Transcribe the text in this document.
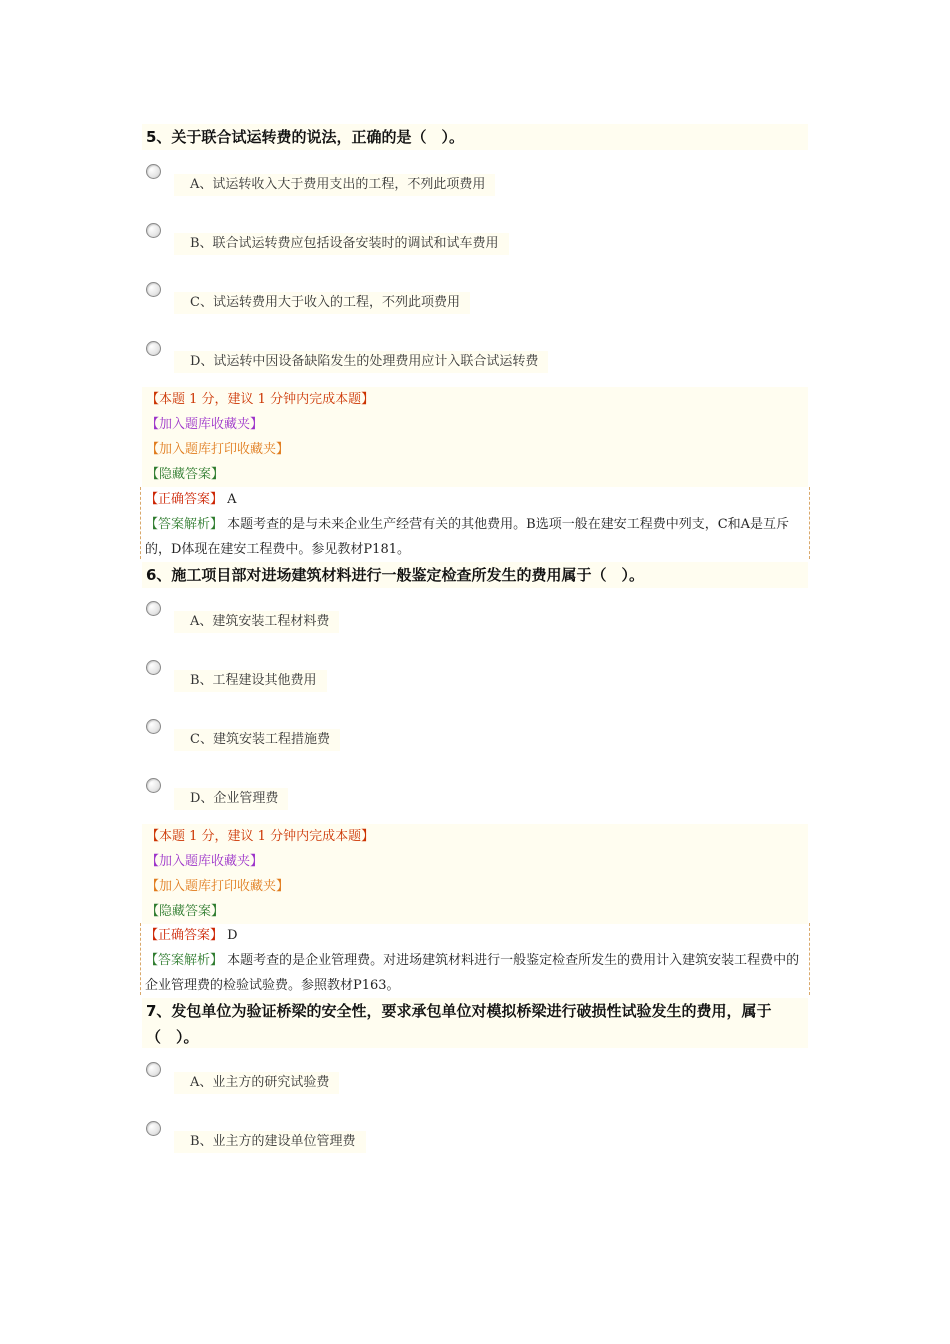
5、关于联合试运转费的说法，正确的是（　）。
A、试运转收入大于费用支出的工程，不列此项费用
B、联合试运转费应包括设备安装时的调试和试车费用
C、试运转费用大于收入的工程，不列此项费用
D、试运转中因设备缺陷发生的处理费用应计入联合试运转费
【本题 1 分，建议 1 分钟内完成本题】
【加入题库收藏夹】
【加入题库打印收藏夹】
【隐藏答案】
【正确答案】 A
【答案解析】 本题考查的是与未来企业生产经营有关的其他费用。B选项一般在建安工程费中列支，C和A是互斥的，D体现在建安工程费中。参见教材P181。
6、施工项目部对进场建筑材料进行一般鉴定检查所发生的费用属于（　）。
A、建筑安装工程材料费
B、工程建设其他费用
C、建筑安装工程措施费
D、企业管理费
【本题 1 分，建议 1 分钟内完成本题】
【加入题库收藏夹】
【加入题库打印收藏夹】
【隐藏答案】
【正确答案】 D
【答案解析】 本题考查的是企业管理费。对进场建筑材料进行一般鉴定检查所发生的费用计入建筑安装工程费中的企业管理费的检验试验费。参照教材P163。
7、发包单位为验证桥梁的安全性，要求承包单位对模拟桥梁进行破损性试验发生的费用，属于（　）。
A、业主方的研究试验费
B、业主方的建设单位管理费
